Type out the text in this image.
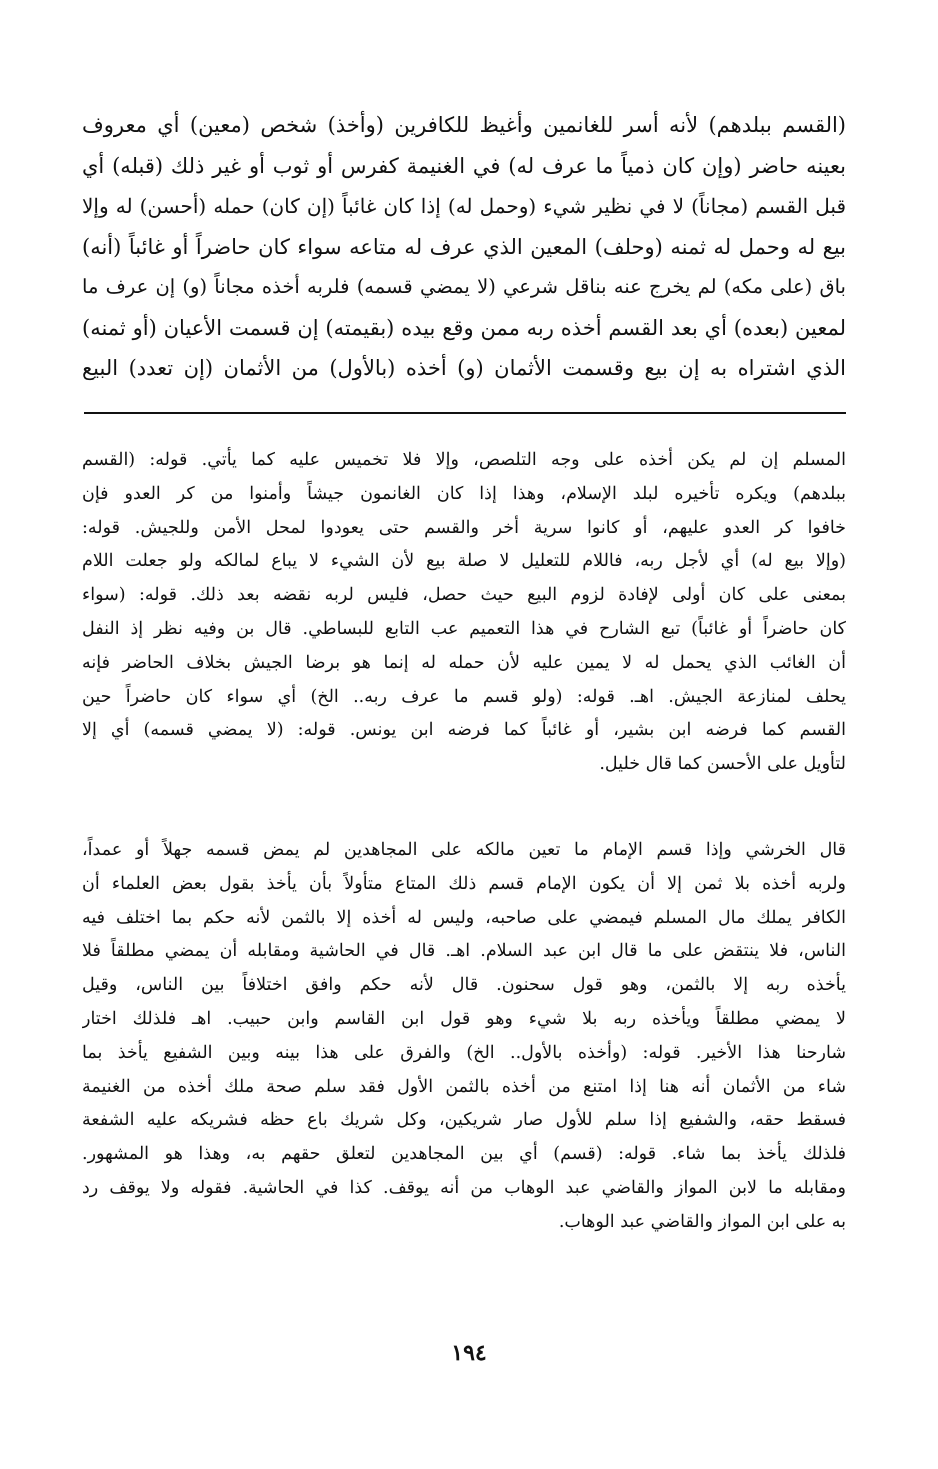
(القسم ببلدهم) لأنه أسر للغانمين وأغيظ للكافرين (وأخذ) شخص (معين) أي معروف
بعينه حاضر (وإن كان ذمياً ما عرف له) في الغنيمة كفرس أو ثوب أو غير ذلك (قبله) أي
قبل القسم (مجاناً) لا في نظير شيء (وحمل له) إذا كان غائباً (إن كان) حمله (أحسن) له وإلا
بيع له وحمل له ثمنه (وحلف) المعين الذي عرف له متاعه سواء كان حاضراً أو غائباً (أنه)
باق (على مكه) لم يخرج عنه بناقل شرعي (لا يمضي قسمه) فلربه أخذه مجاناً (و) إن عرف ما
لمعين (بعده) أي بعد القسم أخذه ربه ممن وقع بيده (بقيمته) إن قسمت الأعيان (أو ثمنه)
الذي اشتراه به إن بيع وقسمت الأثمان (و) أخذه (بالأول) من الأثمان (إن تعدد) البيع
المسلم إن لم يكن أخذه على وجه التلصص، وإلا فلا تخميس عليه كما يأتي. قوله: (القسم
ببلدهم) ويكره تأخيره لبلد الإسلام، وهذا إذا كان الغانمون جيشاً وأمنوا من كر العدو فإن
خافوا كر العدو عليهم، أو كانوا سرية أخر والقسم حتى يعودوا لمحل الأمن وللجيش. قوله:
(وإلا بيع له) أي لأجل ربه، فاللام للتعليل لا صلة بيع لأن الشيء لا يباع لمالكه ولو جعلت اللام
بمعنى على كان أولى لإفادة لزوم البيع حيث حصل، فليس لربه نقضه بعد ذلك. قوله: (سواء
كان حاضراً أو غائباً) تبع الشارح في هذا التعميم عب التابع للبساطي. قال بن وفيه نظر إذ النفل
أن الغائب الذي يحمل له لا يمين عليه لأن حمله له إنما هو برضا الجيش بخلاف الحاضر فإنه
يحلف لمنازعة الجيش. اهـ. قوله: (ولو قسم ما عرف ربه.. الخ) أي سواء كان حاضراً حين
القسم كما فرضه ابن بشير، أو غائباً كما فرضه ابن يونس. قوله: (لا يمضي قسمه) أي إلا
لتأويل على الأحسن كما قال خليل.
قال الخرشي وإذا قسم الإمام ما تعين مالكه على المجاهدين لم يمض قسمه جهلاً أو عمداً،
ولربه أخذه بلا ثمن إلا أن يكون الإمام قسم ذلك المتاع متأولاً بأن يأخذ بقول بعض العلماء أن
الكافر يملك مال المسلم فيمضي على صاحبه، وليس له أخذه إلا بالثمن لأنه حكم بما اختلف فيه
الناس، فلا ينتقض على ما قال ابن عبد السلام. اهـ. قال في الحاشية ومقابله أن يمضي مطلقاً فلا
يأخذه ربه إلا بالثمن، وهو قول سحنون. قال لأنه حكم وافق اختلافاً بين الناس، وقيل
لا يمضي مطلقاً ويأخذه ربه بلا شيء وهو قول ابن القاسم وابن حبيب. اهـ فلذلك اختار
شارحنا هذا الأخير. قوله: (وأخذه بالأول.. الخ) والفرق على هذا بينه وبين الشفيع يأخذ بما
شاء من الأثمان أنه هنا إذا امتنع من أخذه بالثمن الأول فقد سلم صحة ملك أخذه من الغنيمة
فسقط حقه، والشفيع إذا سلم للأول صار شريكين، وكل شريك باع حظه فشريكه عليه الشفعة
فلذلك يأخذ بما شاء. قوله: (قسم) أي بين المجاهدين لتعلق حقهم به، وهذا هو المشهور.
ومقابله ما لابن المواز والقاضي عبد الوهاب من أنه يوقف. كذا في الحاشية. فقوله ولا يوقف رد
به على ابن المواز والقاضي عبد الوهاب.
١٩٤
